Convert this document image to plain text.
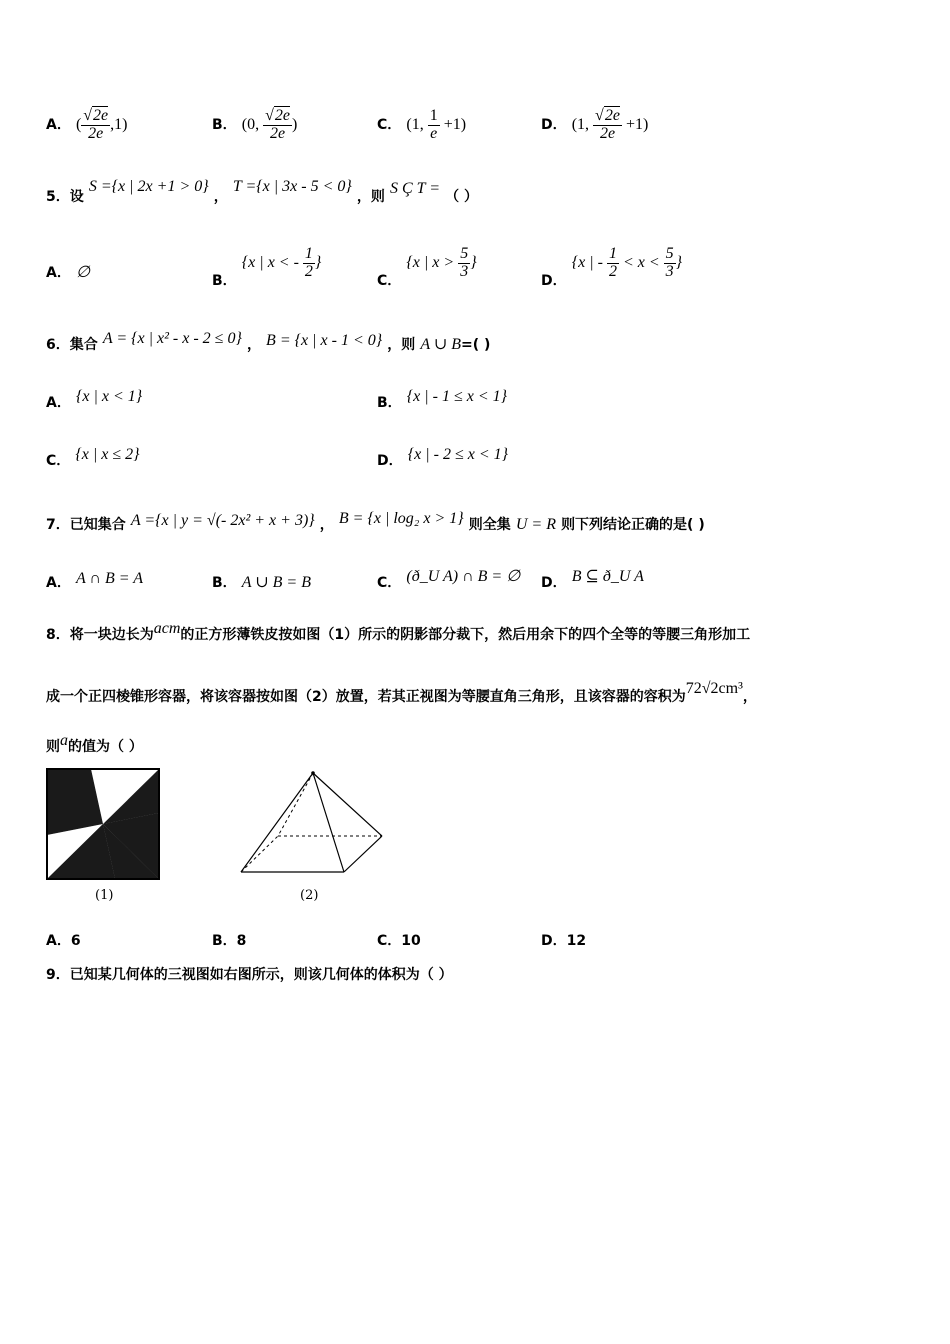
A． ( $\frac{√2e}{2e} ,1$)	B． (0, $\frac{√2e}{2e}$ )	C． (1, $\frac{1}{e} +1$)	D． (1, $\frac{√2e}{2e} +1$)
5．设 S ={x | 2x +1 > 0} ， T ={x | 3x - 5 < 0} ，则 S Ç T = （ ）
A． ∅	B． {x | x < - $\frac{1}{2}$ }
C． {x | $x > \frac{5}{3}$ }
D． {x | - $\frac{1}{2} < x < \frac{5}{3}$ }
6．集合 A = {x | x² - x - 2 ≤ 0} ， B = {x | x - 1 < 0} ，则 A ∪ B=( )
A． {x | x < 1}	B． {x | - 1 ≤ x < 1}
C． {x | x ≤ 2}	D． {x | - 2 ≤ x < 1}
7．已知集合 A ={x | y = √(- 2x² + x + 3)} ， B = {x | log₂ x > 1} 则全集 U = R 则下列结论正确的是( )
A． A ∩ B = A	B． A ∪ B = B	C． (ð_U A) ∩ B = ∅ D． B ⊆ ð_U A
8．将一块边长为acm的正方形薄铁皮按如图（1）所示的阴影部分裁下，然后用余下的四个全等的等腰三角形加工
成一个正四棱锥形容器，将该容器按如图（2）放置，若其正视图为等腰直角三角形，且该容器的容积为72√2cm³，
则a的值为（ ）
(1)	(2)
A．6	B．8	C．10	D．12
9．已知某几何体的三视图如右图所示，则该几何体的体积为（ ）
